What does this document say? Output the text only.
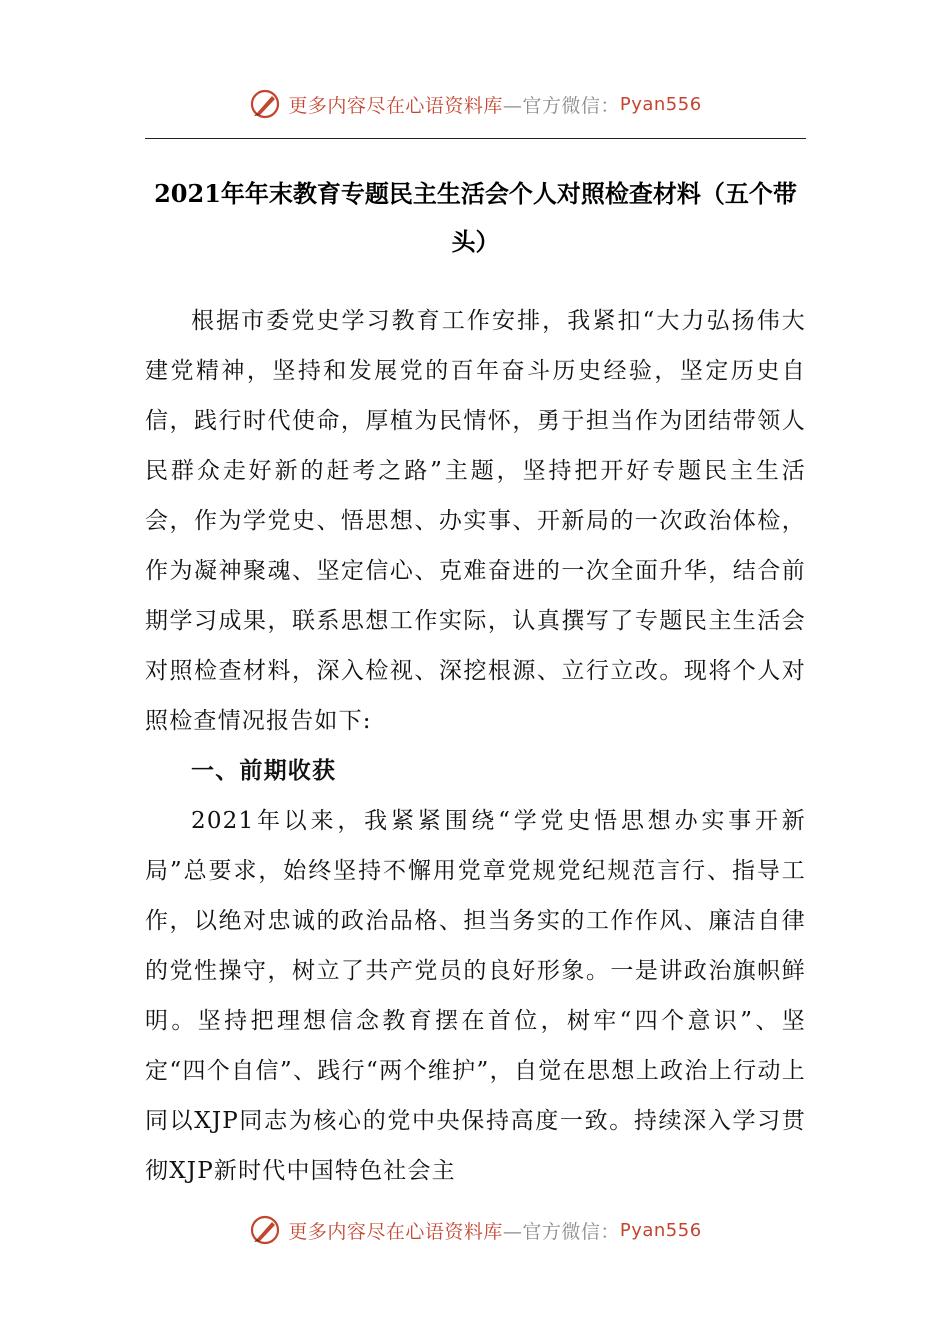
更多内容尽在心语资料库 —官方微信： Pyan556
2021年年末教育专题民主生活会个人对照检查材料（五个带头）

根据市委党史学习教育工作安排，我紧扣“大力弘扬伟大建党精神，坚持和发展党的百年奋斗历史经验，坚定历史自信，践行时代使命，厚植为民情怀，勇于担当作为团结带领人民群众走好新的赶考之路”主题，坚持把开好专题民主生活会，作为学党史、悟思想、办实事、开新局的一次政治体检，作为凝神聚魂、坚定信心、克难奋进的一次全面升华，结合前期学习成果，联系思想工作实际，认真撰写了专题民主生活会对照检查材料，深入检视、深挖根源、立行立改。现将个人对照检查情况报告如下:

一、前期收获

2021年以来，我紧紧围绕“学党史悟思想办实事开新局”总要求，始终坚持不懈用党章党规党纪规范言行、指导工作，以绝对忠诚的政治品格、担当务实的工作作风、廉洁自律的党性操守，树立了共产党员的良好形象。一是讲政治旗帜鲜明。坚持把理想信念教育摆在首位，树牢“四个意识”、坚定“四个自信”、践行“两个维护”，自觉在思想上政治上行动上同以XJP同志为核心的党中央保持高度一致。持续深入学习贯彻XJP新时代中国特色社会主

更多内容尽在心语资料库 —官方微信： Pyan556
